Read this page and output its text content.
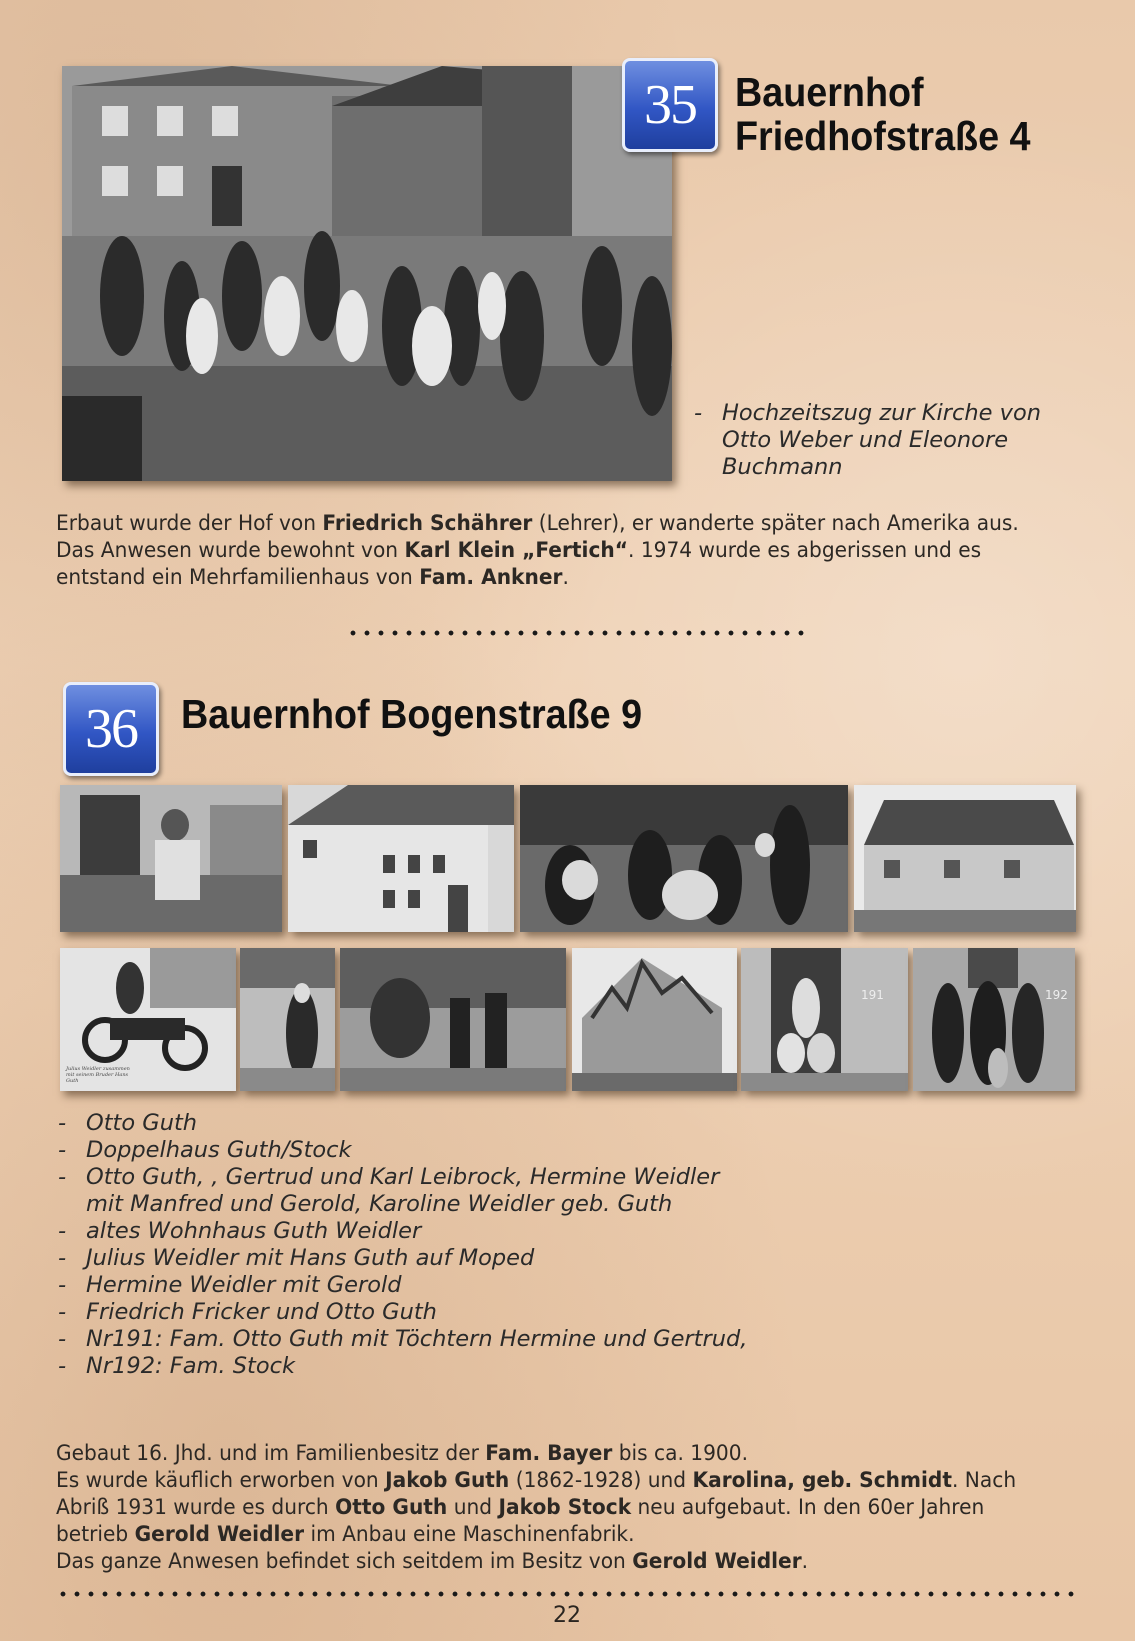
35 Bauernhof
Friedhofstraße 4
- Hochzeitszug zur Kirche von Otto Weber und Eleonore Buchmann
Erbaut wurde der Hof von Friedrich Schährer (Lehrer), er wanderte später nach Amerika aus. Das Anwesen wurde bewohnt von Karl Klein „Fertich“. 1974 wurde es abgerissen und es entstand ein Mehrfamilienhaus von Fam. Ankner.
36	Bauernhof Bogenstraße 9
Julius Weidler zusammen mit seinem Bruder Hans Guth
191	192
- Otto Guth
- Doppelhaus Guth/Stock
- Otto Guth, , Gertrud und Karl Leibrock, Hermine Weidler mit Manfred und Gerold, Karoline Weidler geb. Guth
- altes Wohnhaus Guth Weidler
- Julius Weidler mit Hans Guth auf Moped
- Hermine Weidler mit Gerold
- Friedrich Fricker und Otto Guth
- Nr191: Fam. Otto Guth mit Töchtern Hermine und Gertrud,
- Nr192: Fam. Stock
Gebaut 16. Jhd. und im Familienbesitz der Fam. Bayer bis ca. 1900.
Es wurde käuflich erworben von Jakob Guth (1862-1928) und Karolina, geb. Schmidt. Nach Abriß 1931 wurde es durch Otto Guth und Jakob Stock neu aufgebaut. In den 60er Jahren betrieb Gerold Weidler im Anbau eine Maschinenfabrik.
Das ganze Anwesen befindet sich seitdem im Besitz von Gerold Weidler.
22
